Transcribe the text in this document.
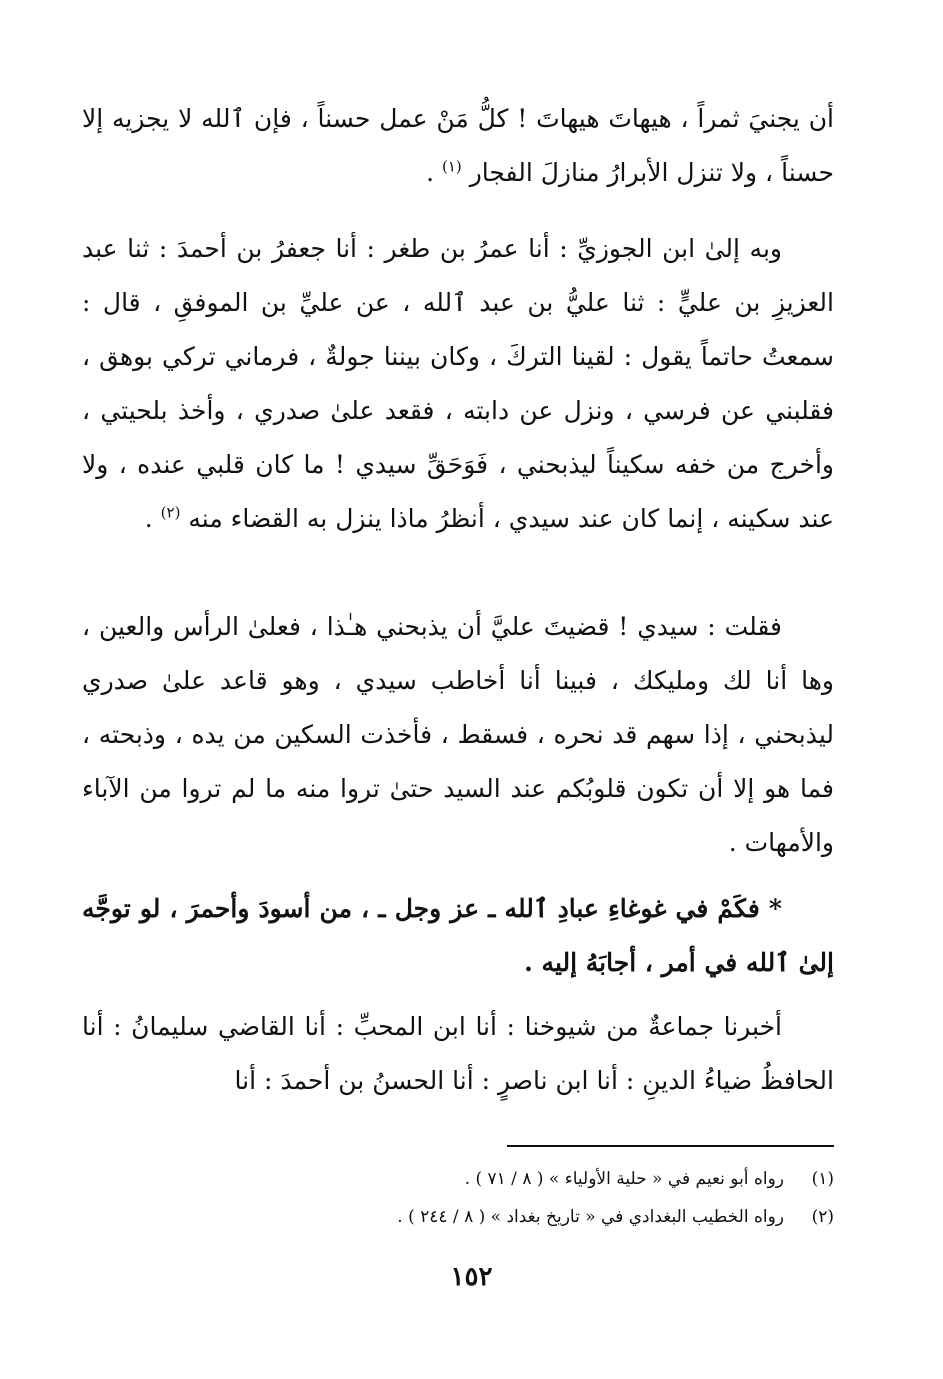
أن يجنيَ ثمراً ، هيهاتَ هيهاتَ ! كلُّ مَنْ عمل حسناً ، فإن ٱلله لا يجزيه إلا حسناً ، ولا تنزل الأبرارُ منازلَ الفجار $^{(١)}$ .

وبه إلىٰ ابن الجوزيِّ : أنا عمرُ بن طغر : أنا جعفرُ بن أحمدَ : ثنا عبد العزيزِ بن عليٍّ : ثنا عليُّ بن عبد ٱلله ، عن عليِّ بن الموفقِ ، قال : سمعتُ حاتماً يقول : لقينا التركَ ، وكان بيننا جولةٌ ، فرماني تركي بوهق ، فقلبني عن فرسي ، ونزل عن دابته ، فقعد علىٰ صدري ، وأخذ بلحيتي ، وأخرج من خفه سكيناً ليذبحني ، فَوَحَقِّ سيدي ! ما كان قلبي عنده ، ولا عند سكينه ، إنما كان عند سيدي ، أنظرُ ماذا ينزل به القضاء منه $^{(٢)}$ .

فقلت : سيدي ! قضيتَ عليَّ أن يذبحني هـٰذا ، فعلىٰ الرأس والعين ، وها أنا لك ومليكك ، فبينا أنا أخاطب سيدي ، وهو قاعد علىٰ صدري ليذبحني ، إذا سهم قد نحره ، فسقط ، فأخذت السكين من يده ، وذبحته ، فما هو إلا أن تكون قلوبُكم عند السيد حتىٰ تروا منه ما لم تروا من الآباء والأمهات .

* فكَمْ في غوغاءِ عبادِ ٱلله ـ عز وجل ـ ، من أسودَ وأحمرَ ، لو توجَّه إلىٰ ٱلله في أمر ، أجابَهُ إليه .

أخبرنا جماعةٌ من شيوخنا : أنا ابن المحبِّ : أنا القاضي سليمانُ : أنا الحافظُ ضياءُ الدينِ : أنا ابن ناصرٍ : أنا الحسنُ بن أحمدَ : أنا

(١)
رواه أبو نعيم في « حلية الأولياء » ( ٨ / ٧١ ) .
(٢)
رواه الخطيب البغدادي في « تاريخ بغداد » ( ٨ / ٢٤٤ ) .
١٥٢
